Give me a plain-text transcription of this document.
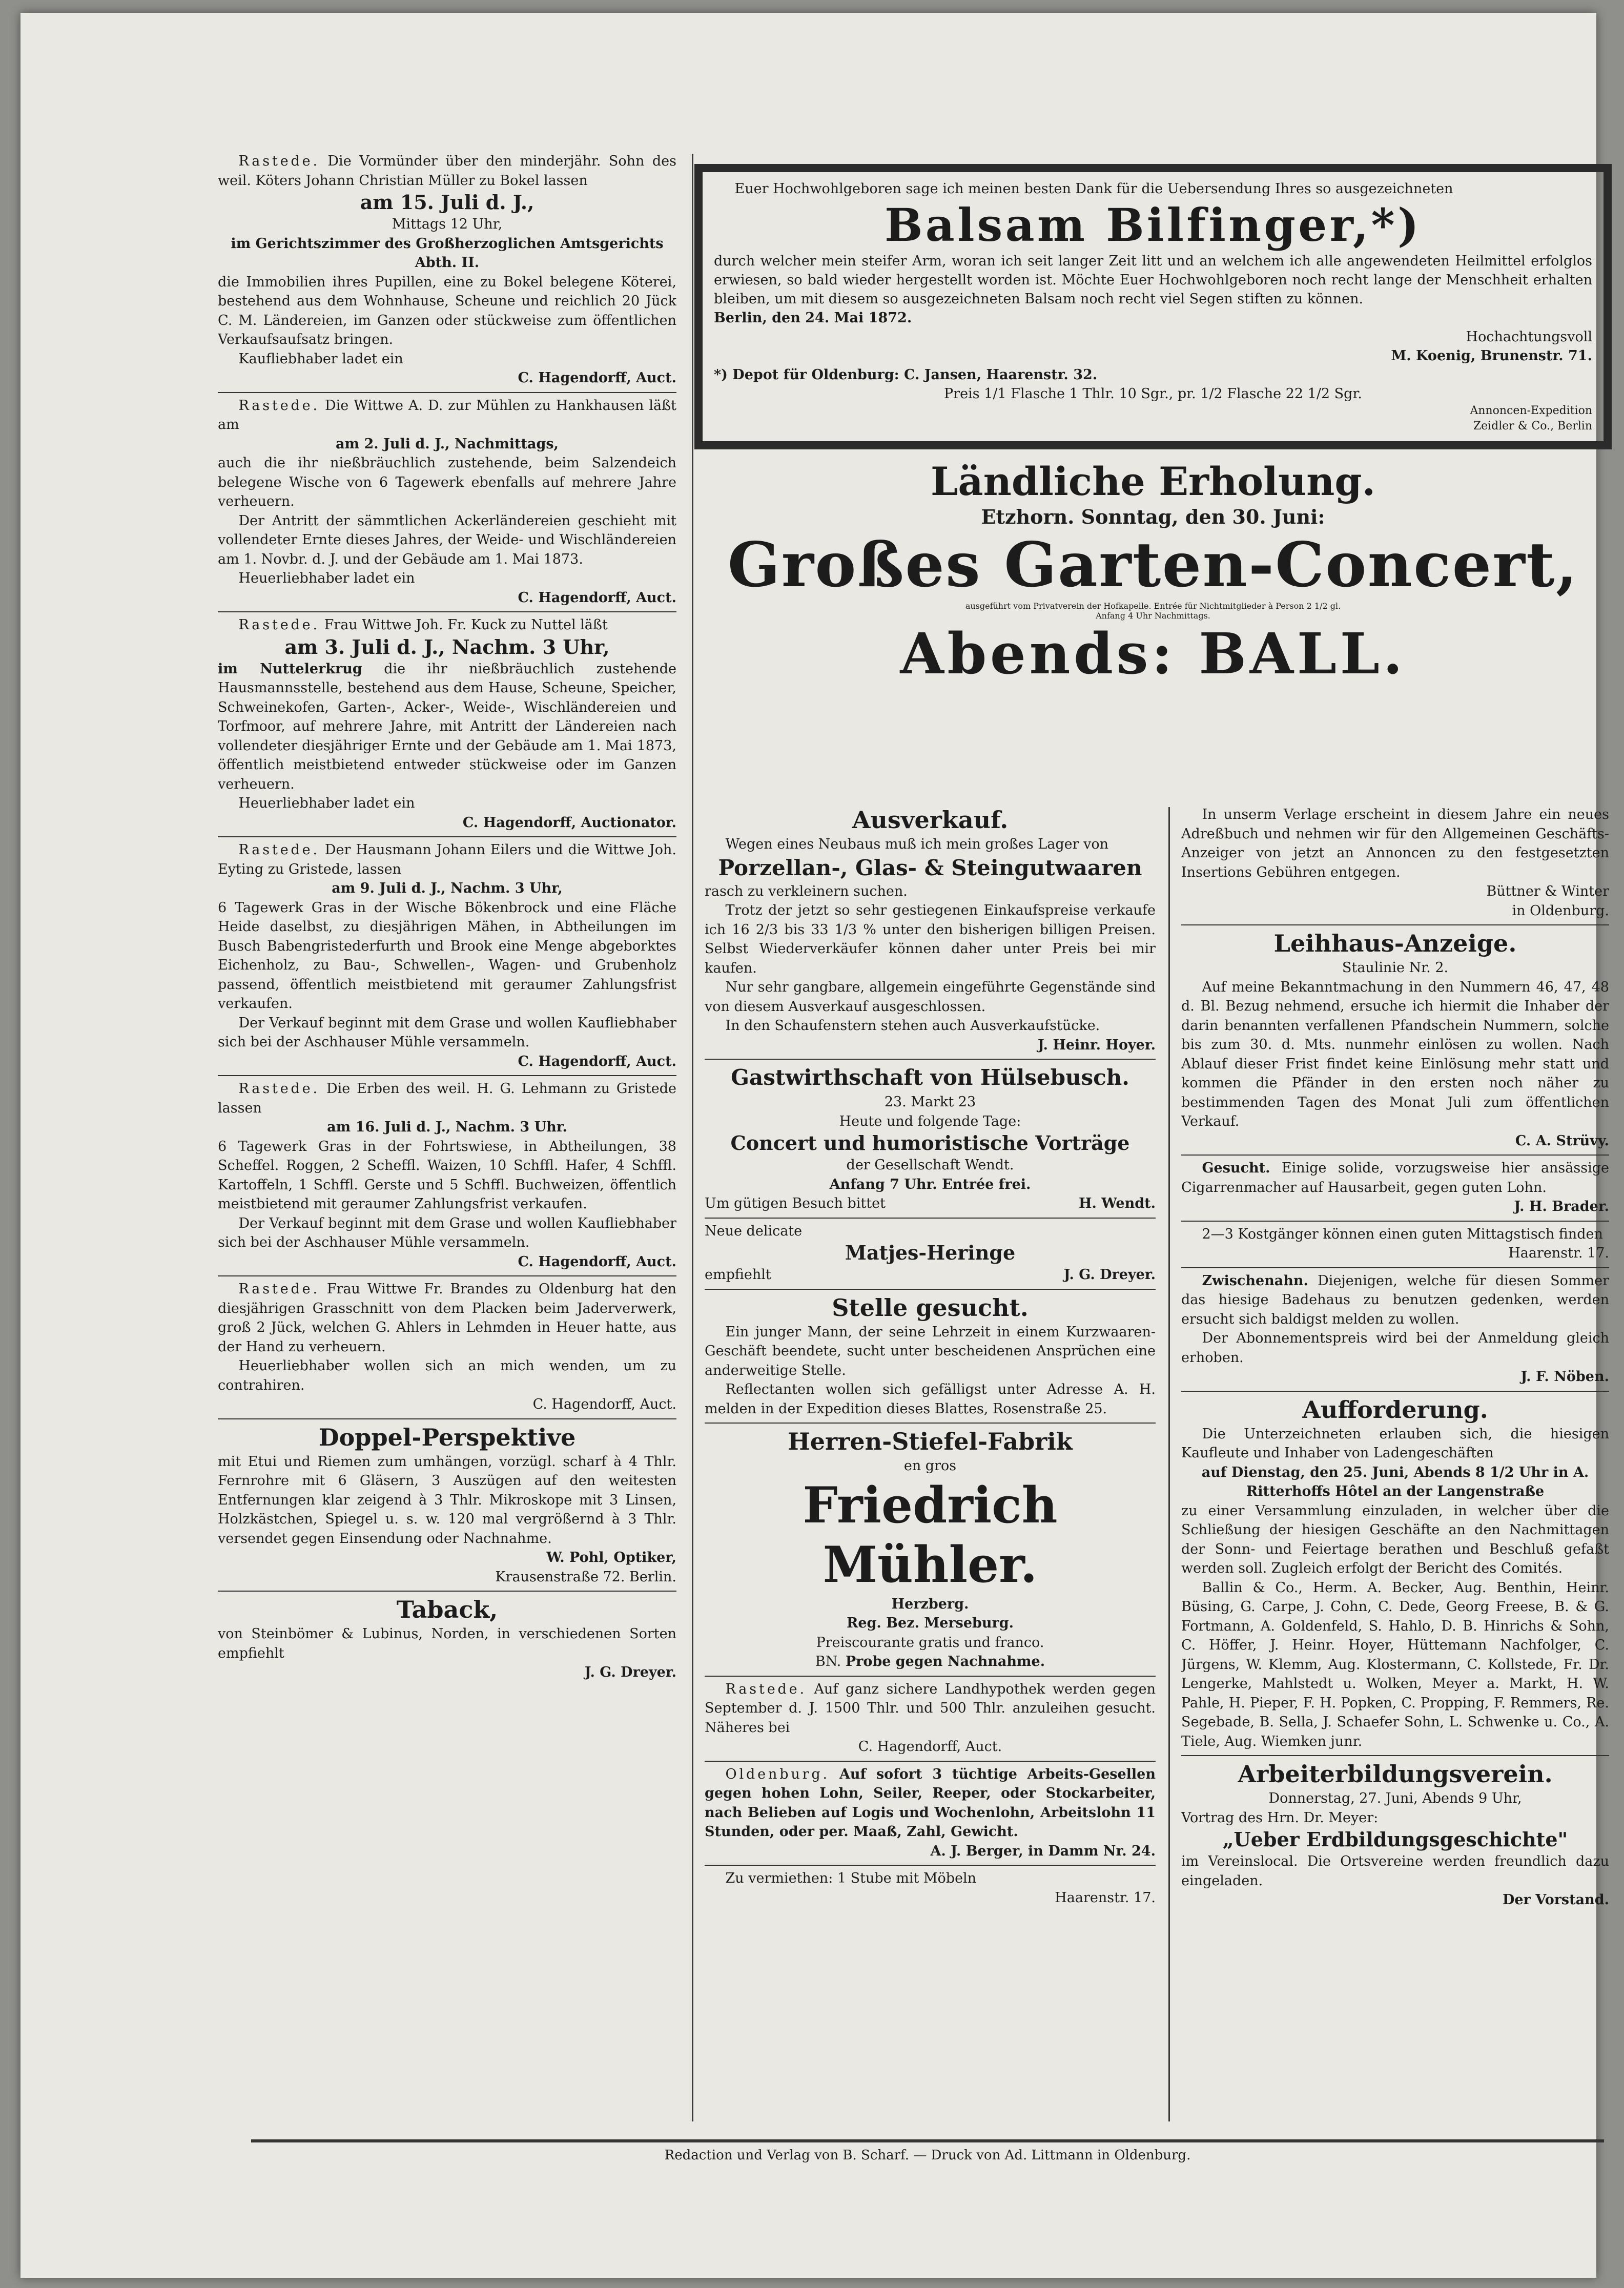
Rastede. Die Vormünder über den minderjähr. Sohn des weil. Köters Johann Christian Müller zu Bokel lassen

am 15. Juli d. J.,

Mittags 12 Uhr,

im Gerichtszimmer des Großherzoglichen Amtsgerichts Abth. II.

die Immobilien ihres Pupillen, eine zu Bokel belegene Köterei, bestehend aus dem Wohnhause, Scheune und reichlich 20 Jück C. M. Ländereien, im Ganzen oder stückweise zum öffentlichen Verkaufsaufsatz bringen.

Kaufliebhaber ladet ein

C. Hagendorff, Auct.

Rastede. Die Wittwe A. D. zur Mühlen zu Hankhausen läßt am

am 2. Juli d. J., Nachmittags,

auch die ihr nießbräuchlich zustehende, beim Salzendeich belegene Wische von 6 Tagewerk ebenfalls auf mehrere Jahre verheuern.

Der Antritt der sämmtlichen Ackerländereien geschieht mit vollendeter Ernte dieses Jahres, der Weide- und Wischländereien am 1. Novbr. d. J. und der Gebäude am 1. Mai 1873.

Heuerliebhaber ladet ein

C. Hagendorff, Auct.

Rastede. Frau Wittwe Joh. Fr. Kuck zu Nuttel läßt

am 3. Juli d. J., Nachm. 3 Uhr,

im Nuttelerkrug die ihr nießbräuchlich zustehende Hausmannsstelle, bestehend aus dem Hause, Scheune, Speicher, Schweinekofen, Garten-, Acker-, Weide-, Wischländereien und Torfmoor, auf mehrere Jahre, mit Antritt der Ländereien nach vollendeter diesjähriger Ernte und der Gebäude am 1. Mai 1873, öffentlich meistbietend entweder stückweise oder im Ganzen verheuern.

Heuerliebhaber ladet ein

C. Hagendorff, Auctionator.

Rastede. Der Hausmann Johann Eilers und die Wittwe Joh. Eyting zu Gristede, lassen

am 9. Juli d. J., Nachm. 3 Uhr,

6 Tagewerk Gras in der Wische Bökenbrock und eine Fläche Heide daselbst, zu diesjährigen Mähen, in Abtheilungen im Busch Babengristederfurth und Brook eine Menge abgeborktes Eichenholz, zu Bau-, Schwellen-, Wagen- und Grubenholz passend, öffentlich meistbietend mit geraumer Zahlungsfrist verkaufen.

Der Verkauf beginnt mit dem Grase und wollen Kaufliebhaber sich bei der Aschhauser Mühle versammeln.

C. Hagendorff, Auct.

Rastede. Die Erben des weil. H. G. Lehmann zu Gristede lassen

am 16. Juli d. J., Nachm. 3 Uhr.

6 Tagewerk Gras in der Fohrtswiese, in Abtheilungen, 38 Scheffel. Roggen, 2 Scheffl. Waizen, 10 Schffl. Hafer, 4 Schffl. Kartoffeln, 1 Schffl. Gerste und 5 Schffl. Buchweizen, öffentlich meistbietend mit geraumer Zahlungsfrist verkaufen.

Der Verkauf beginnt mit dem Grase und wollen Kaufliebhaber sich bei der Aschhauser Mühle versammeln.

C. Hagendorff, Auct.

Rastede. Frau Wittwe Fr. Brandes zu Oldenburg hat den diesjährigen Grasschnitt von dem Placken beim Jaderverwerk, groß 2 Jück, welchen G. Ahlers in Lehmden in Heuer hatte, aus der Hand zu verheuern.

Heuerliebhaber wollen sich an mich wenden, um zu contrahiren.

C. Hagendorff, Auct.

Doppel-Perspektive

mit Etui und Riemen zum umhängen, vorzügl. scharf à 4 Thlr. Fernrohre mit 6 Gläsern, 3 Auszügen auf den weitesten Entfernungen klar zeigend à 3 Thlr. Mikroskope mit 3 Linsen, Holzkästchen, Spiegel u. s. w. 120 mal vergrößernd à 3 Thlr. versendet gegen Einsendung oder Nachnahme.

W. Pohl, Optiker,

Krausenstraße 72. Berlin.

Taback,

von Steinbömer & Lubinus, Norden, in verschiedenen Sorten empfiehlt

J. G. Dreyer.

Euer Hochwohlgeboren sage ich meinen besten Dank für die Uebersendung Ihres so ausgezeichneten

Balsam Bilfinger,*)

durch welcher mein steifer Arm, woran ich seit langer Zeit litt und an welchem ich alle angewendeten Heilmittel erfolglos erwiesen, so bald wieder hergestellt worden ist. Möchte Euer Hochwohlgeboren noch recht lange der Menschheit erhalten bleiben, um mit diesem so ausgezeichneten Balsam noch recht viel Segen stiften zu können.

Berlin, den 24. Mai 1872.

Hochachtungsvoll

M. Koenig, Brunenstr. 71.

*) Depot für Oldenburg: C. Jansen, Haarenstr. 32.

Preis 1/1 Flasche 1 Thlr. 10 Sgr., pr. 1/2 Flasche 22 1/2 Sgr.

Annoncen-Expedition

Zeidler & Co., Berlin

Ländliche Erholung.

Etzhorn. Sonntag, den 30. Juni:

Großes Garten-Concert,

ausgeführt vom Privatverein der Hofkapelle. Entrée für Nichtmitglieder à Person 2 1/2 gl.

Anfang 4 Uhr Nachmittags.

Abends: BALL.

Ausverkauf.

Wegen eines Neubaus muß ich mein großes Lager von

Porzellan-, Glas- & Steingutwaaren

rasch zu verkleinern suchen.

Trotz der jetzt so sehr gestiegenen Einkaufspreise verkaufe ich 16 2/3 bis 33 1/3 % unter den bisherigen billigen Preisen. Selbst Wiederverkäufer können daher unter Preis bei mir kaufen.

Nur sehr gangbare, allgemein eingeführte Gegenstände sind von diesem Ausverkauf ausgeschlossen.

In den Schaufenstern stehen auch Ausverkaufstücke.

J. Heinr. Hoyer.

Gastwirthschaft von Hülsebusch.

23. Markt 23

Heute und folgende Tage:

Concert und humoristische Vorträge

der Gesellschaft Wendt.

Anfang 7 Uhr. Entrée frei.

Um gütigen Besuch bittet	H. Wendt.

Neue delicate

Matjes-Heringe

empfiehlt	J. G. Dreyer.

Stelle gesucht.

Ein junger Mann, der seine Lehrzeit in einem Kurzwaaren-Geschäft beendete, sucht unter bescheidenen Ansprüchen eine anderweitige Stelle.

Reflectanten wollen sich gefälligst unter Adresse A. H. melden in der Expedition dieses Blattes, Rosenstraße 25.

Herren-Stiefel-Fabrik

en gros

Friedrich Mühler.

Herzberg.

Reg. Bez. Merseburg.

Preiscourante gratis und franco.

BN. Probe gegen Nachnahme.

Rastede. Auf ganz sichere Landhypothek werden gegen September d. J. 1500 Thlr. und 500 Thlr. anzuleihen gesucht. Näheres bei

C. Hagendorff, Auct.

Oldenburg. Auf sofort 3 tüchtige Arbeits-Gesellen gegen hohen Lohn, Seiler, Reeper, oder Stockarbeiter, nach Belieben auf Logis und Wochenlohn, Arbeitslohn 11 Stunden, oder per. Maaß, Zahl, Gewicht.

A. J. Berger, in Damm Nr. 24.

Zu vermiethen: 1 Stube mit Möbeln

Haarenstr. 17.

In unserm Verlage erscheint in diesem Jahre ein neues Adreßbuch und nehmen wir für den Allgemeinen Geschäfts-Anzeiger von jetzt an Annoncen zu den festgesetzten Insertions Gebühren entgegen.

Büttner & Winter

in Oldenburg.

Leihhaus-Anzeige.

Staulinie Nr. 2.

Auf meine Bekanntmachung in den Nummern 46, 47, 48 d. Bl. Bezug nehmend, ersuche ich hiermit die Inhaber der darin benannten verfallenen Pfandschein Nummern, solche bis zum 30. d. Mts. nunmehr einlösen zu wollen. Nach Ablauf dieser Frist findet keine Einlösung mehr statt und kommen die Pfänder in den ersten noch näher zu bestimmenden Tagen des Monat Juli zum öffentlichen Verkauf.

C. A. Strüvy.

Gesucht. Einige solide, vorzugsweise hier ansässige Cigarrenmacher auf Hausarbeit, gegen guten Lohn.

J. H. Brader.

2—3 Kostgänger können einen guten Mittagstisch finden

Haarenstr. 17.

Zwischenahn. Diejenigen, welche für diesen Sommer das hiesige Badehaus zu benutzen gedenken, werden ersucht sich baldigst melden zu wollen.

Der Abonnementspreis wird bei der Anmeldung gleich erhoben.

J. F. Nöben.

Aufforderung.

Die Unterzeichneten erlauben sich, die hiesigen Kaufleute und Inhaber von Ladengeschäften

auf Dienstag, den 25. Juni, Abends 8 1/2 Uhr in A. Ritterhoffs Hôtel an der Langenstraße

zu einer Versammlung einzuladen, in welcher über die Schließung der hiesigen Geschäfte an den Nachmittagen der Sonn- und Feiertage berathen und Beschluß gefaßt werden soll. Zugleich erfolgt der Bericht des Comités.

Ballin & Co., Herm. A. Becker, Aug. Benthin, Heinr. Büsing, G. Carpe, J. Cohn, C. Dede, Georg Freese, B. & G. Fortmann, A. Goldenfeld, S. Hahlo, D. B. Hinrichs & Sohn, C. Höffer, J. Heinr. Hoyer, Hüttemann Nachfolger, C. Jürgens, W. Klemm, Aug. Klostermann, C. Kollstede, Fr. Dr. Lengerke, Mahlstedt u. Wolken, Meyer a. Markt, H. W. Pahle, H. Pieper, F. H. Popken, C. Propping, F. Remmers, Re. Segebade, B. Sella, J. Schaefer Sohn, L. Schwenke u. Co., A. Tiele, Aug. Wiemken junr.

Arbeiterbildungsverein.

Donnerstag, 27. Juni, Abends 9 Uhr,

Vortrag des Hrn. Dr. Meyer:

„Ueber Erdbildungsgeschichte"

im Vereinslocal. Die Ortsvereine werden freundlich dazu eingeladen.

Der Vorstand.

Redaction und Verlag von B. Scharf. — Druck von Ad. Littmann in Oldenburg.
